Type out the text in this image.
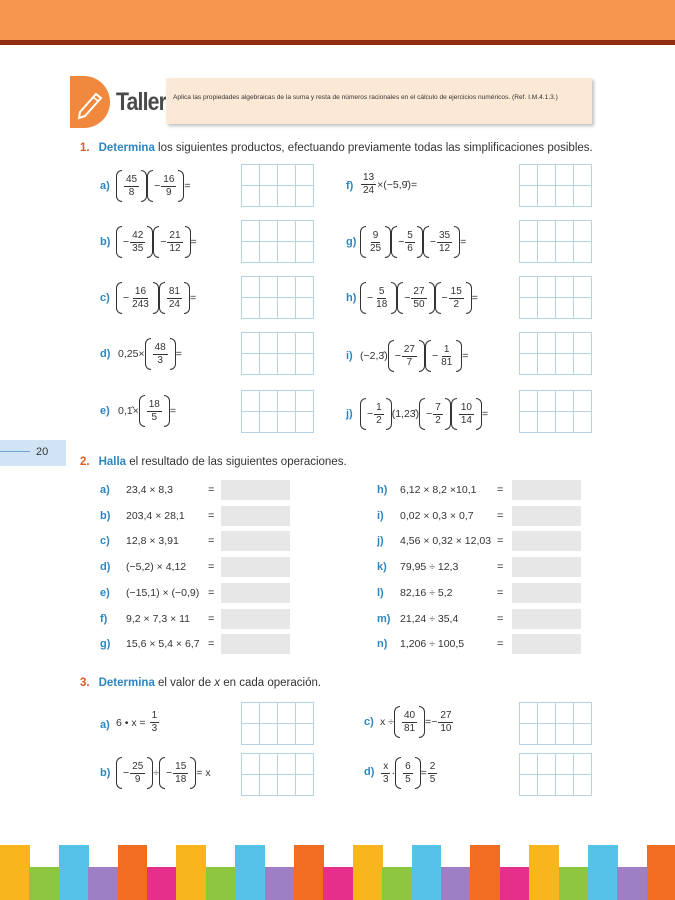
Taller Aplica las propiedades algebraicas de la suma y resta de números racionales en el cálculo de ejercicios numéricos. (Ref. I.M.4.1.3.)
1. Determina los siguientes productos, efectuando previamente todas las simplificaciones posibles.
a)
45
$8 - \frac{16}{9}$ =
$b) - \frac{42}{35} - \frac{21}{12}$ =
$c) - \frac{16}{243} 81$
24 =
d) 0,25×
48
3 =
e) 0,1̂×
18
5 =
$f) \frac{13}{24}$ × (−5,9̄) =
g)
9
$25 - \frac{5}{6} - \frac{35}{12}$ =
$h) - \frac{5}{18} - \frac{27}{50} - \frac{15}{2}$ =
i) (−2,3̂) − $\frac{27}{7} - \frac{1}{81}$ =
$j) - \frac{1}{2}$ (1,23̂) − $\frac{7}{2} 10$
14 =
20
2. Halla el resultado de las siguientes operaciones.
a) 23,4 × 8,3	=
b) 203,4 × 28,1 =
c) 12,8 × 3,91	=
d) (−5,2) × 4,12 =
e) (−15,1) × (−0,9) =
f) 9,2 × 7,3 × 11 =
g) 15,6 × 5,4 × 6,7 =
h) 6,12 × 8,2 ×10,1 =
i) 0,02 × 0,3 × 0,7 =
j) 4,56 × 0,32 × 12,03 =
k) 79,95 ÷ 12,3	=
l) 82,16 ÷ 5,2	=
m) 21,24 ÷ 35,4	=
n) 1,206 ÷ 100,5	=
3. Determina el valor de x en cada operación.
a) 6 • $x = \frac{1}{3}$
$b) - \frac{25}{9}$ ÷ − $\frac{15}{18} = x$
c) x ÷
40
81 = − $\frac{27}{10}$
d) x
3 ·
6
$5 = \frac{2}{5}$
